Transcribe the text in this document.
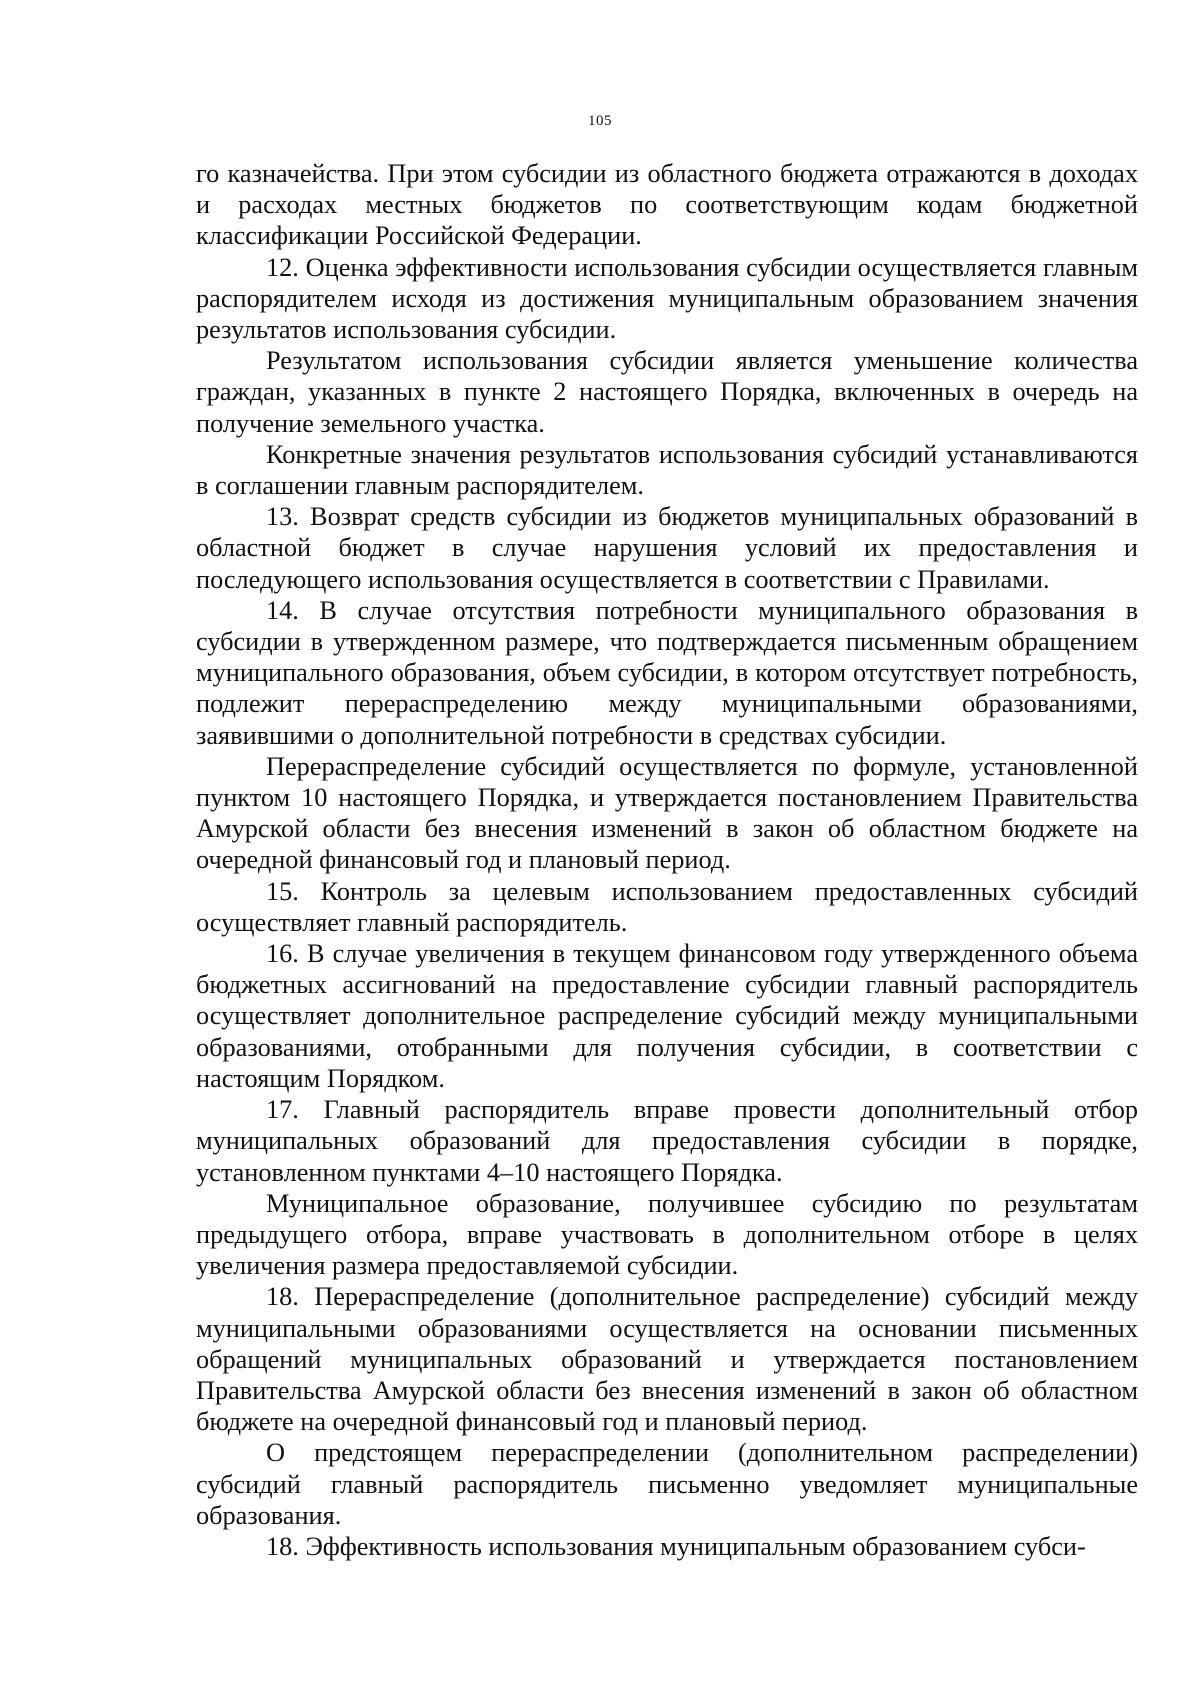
105

го казначейства. При этом субсидии из областного бюджета отражаются в доходах и расходах местных бюджетов по соответствующим кодам бюджетной классификации Российской Федерации.

12. Оценка эффективности использования субсидии осуществляется главным распорядителем исходя из достижения муниципальным образованием значения результатов использования субсидии.

Результатом использования субсидии является уменьшение количества граждан, указанных в пункте 2 настоящего Порядка, включенных в очередь на получение земельного участка.

Конкретные значения результатов использования субсидий устанавливаются в соглашении главным распорядителем.

13. Возврат средств субсидии из бюджетов муниципальных образований в областной бюджет в случае нарушения условий их предоставления и последующего использования осуществляется в соответствии с Правилами.

14. В случае отсутствия потребности муниципального образования в субсидии в утвержденном размере, что подтверждается письменным обращением муниципального образования, объем субсидии, в котором отсутствует потребность, подлежит перераспределению между муниципальными образованиями, заявившими о дополнительной потребности в средствах субсидии.

Перераспределение субсидий осуществляется по формуле, установленной пунктом 10 настоящего Порядка, и утверждается постановлением Правительства Амурской области без внесения изменений в закон об областном бюджете на очередной финансовый год и плановый период.

15. Контроль за целевым использованием предоставленных субсидий осуществляет главный распорядитель.

16. В случае увеличения в текущем финансовом году утвержденного объема бюджетных ассигнований на предоставление субсидии главный распорядитель осуществляет дополнительное распределение субсидий между муниципальными образованиями, отобранными для получения субсидии, в соответствии с настоящим Порядком.

17. Главный распорядитель вправе провести дополнительный отбор муниципальных образований для предоставления субсидии в порядке, установленном пунктами 4–10 настоящего Порядка.

Муниципальное образование, получившее субсидию по результатам предыдущего отбора, вправе участвовать в дополнительном отборе в целях увеличения размера предоставляемой субсидии.

18. Перераспределение (дополнительное распределение) субсидий между муниципальными образованиями осуществляется на основании письменных обращений муниципальных образований и утверждается постановлением Правительства Амурской области без внесения изменений в закон об областном бюджете на очередной финансовый год и плановый период.

О предстоящем перераспределении (дополнительном распределении) субсидий главный распорядитель письменно уведомляет муниципальные образования.

18. Эффективность использования муниципальным образованием субси-
